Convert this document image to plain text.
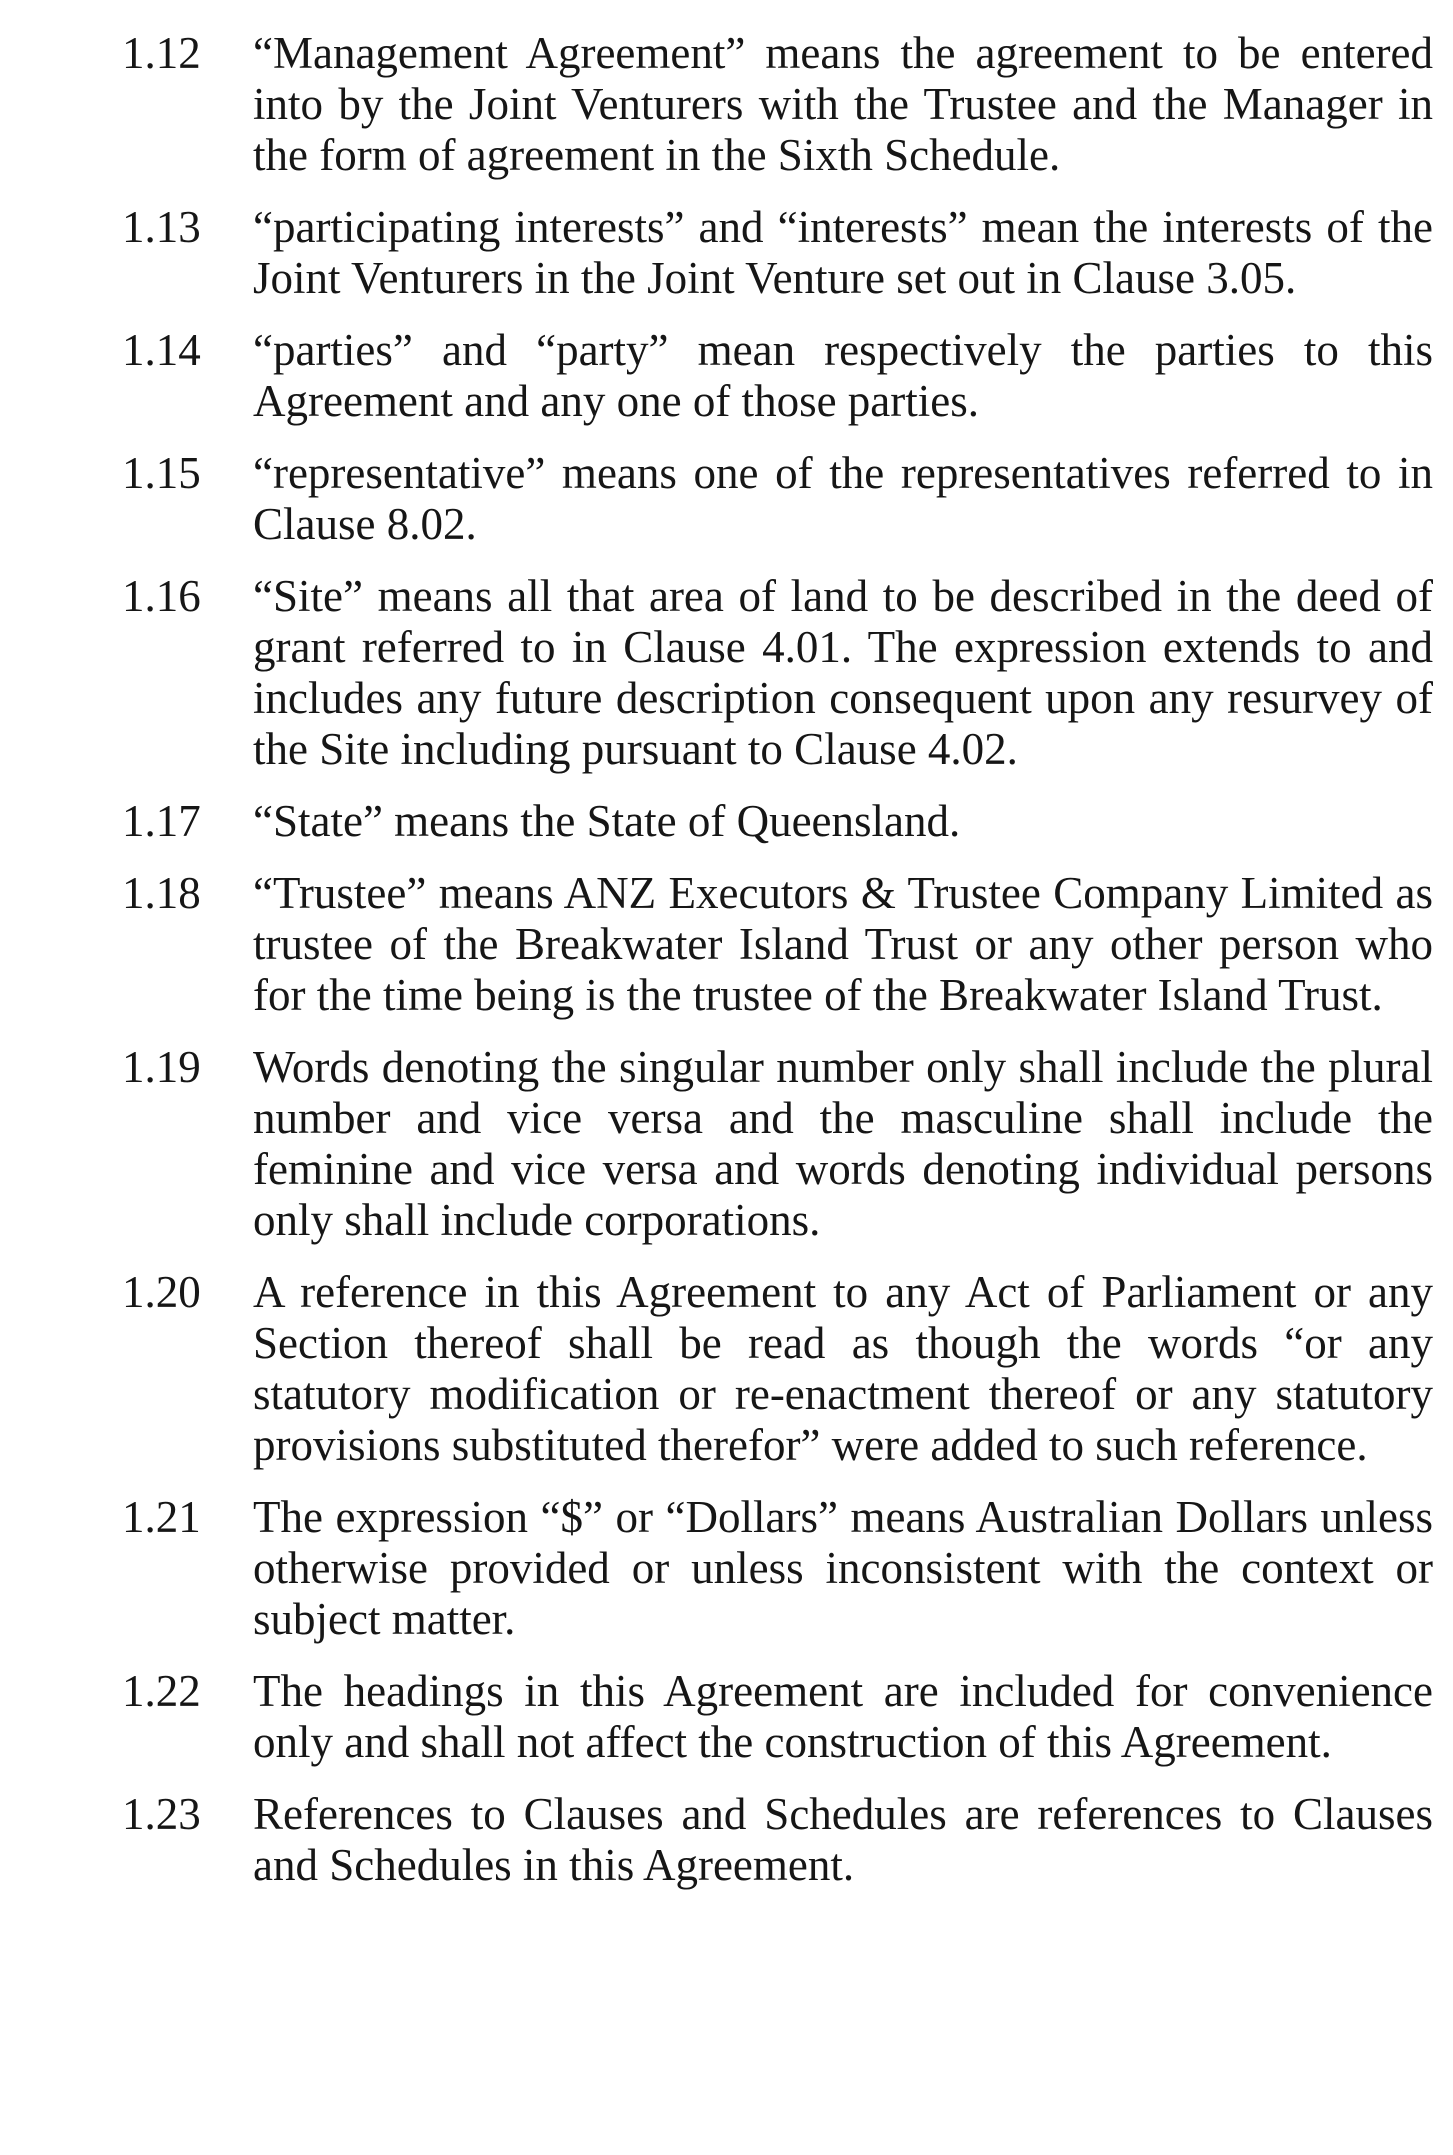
1.12	“Management Agreement” means the agreement to be entered into by the Joint Venturers with the Trustee and the Manager in the form of agreement in the Sixth Schedule.
1.13	“participating interests” and “interests” mean the interests of the Joint Venturers in the Joint Venture set out in Clause 3.05.
1.14	“parties” and “party” mean respectively the parties to this Agreement and any one of those parties.
1.15	“representative” means one of the representatives referred to in Clause 8.02.
1.16	“Site” means all that area of land to be described in the deed of grant referred to in Clause 4.01. The expression extends to and includes any future description consequent upon any resurvey of the Site including pursuant to Clause 4.02.
1.17	“State” means the State of Queensland.
1.18	“Trustee” means ANZ Executors & Trustee Company Limited as trustee of the Breakwater Island Trust or any other person who for the time being is the trustee of the Breakwater Island Trust.
1.19	Words denoting the singular number only shall include the plural number and vice versa and the masculine shall include the feminine and vice versa and words denoting individual persons only shall include corporations.
1.20	A reference in this Agreement to any Act of Parliament or any Section thereof shall be read as though the words “or any statutory modification or re-enactment thereof or any statutory provisions substituted therefor” were added to such reference.
1.21	The expression “$” or “Dollars” means Australian Dollars unless otherwise provided or unless inconsistent with the context or subject matter.
1.22	The headings in this Agreement are included for convenience only and shall not affect the construction of this Agreement.
1.23	References to Clauses and Schedules are references to Clauses and Schedules in this Agreement.
